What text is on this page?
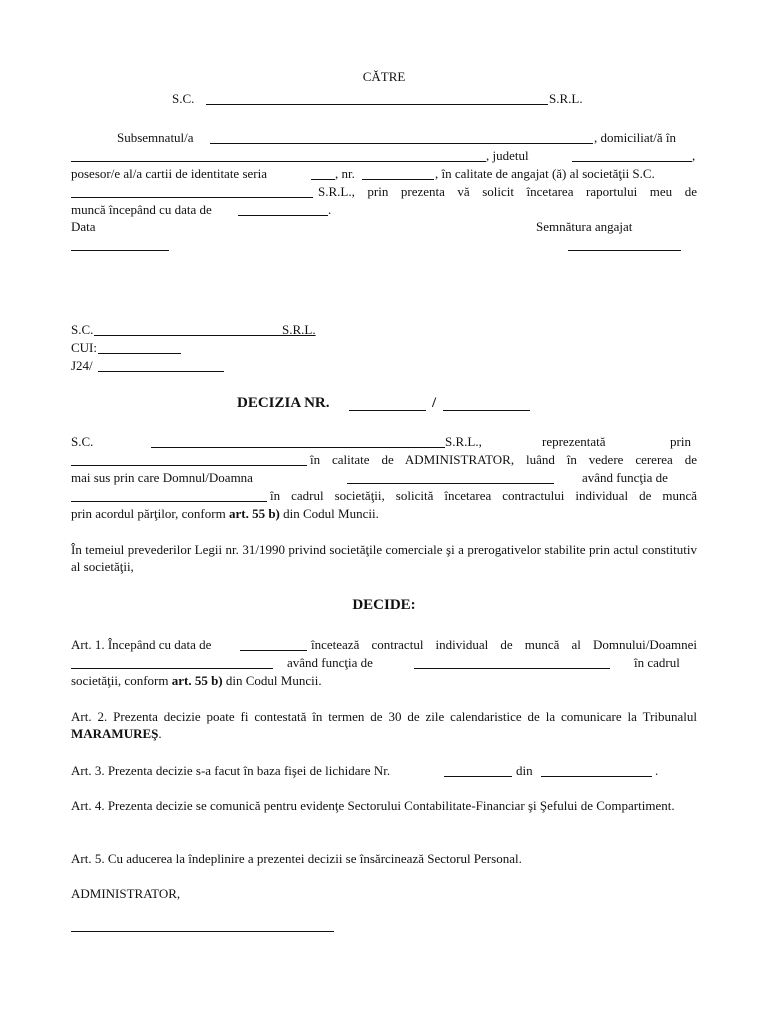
CĂTRE
S.C.	S.R.L.
Subsemnatul/a	, domiciliat/ă în
, judetul	,
posesor/e al/a cartii de identitate seria	, nr.	, în calitate de angajat (ă) al societăţii S.C.
S.R.L., prin prezenta vă solicit încetarea raportului meu de
muncă începând cu data de	.
Data	Semnătura angajat
S.C.	S.R.L.
CUI:
J24/
DECIZIA NR.	/
S.C.	S.R.L.,	reprezentată	prin
în calitate de ADMINISTRATOR, luând în vedere cererea de
mai sus prin care Domnul/Doamna	având funcţia de
în cadrul societăţii, solicită încetarea contractului individual de muncă
prin acordul părţilor, conform art. 55 b) din Codul Muncii.
În temeiul prevederilor Legii nr. 31/1990 privind societăţile comerciale şi a prerogativelor stabilite prin actul constitutiv al societăţii,
DECIDE:
Art. 1. Începând cu data de	încetează contractul individual de muncă al Domnului/Doamnei
având funcţia de	în cadrul
societăţii, conform art. 55 b) din Codul Muncii.
Art. 2. Prezenta decizie poate fi contestată în termen de 30 de zile calendaristice de la comunicare la Tribunalul MARAMUREŞ.
Art. 3. Prezenta decizie s-a facut în baza fişei de lichidare Nr.	din	.
Art. 4. Prezenta decizie se comunică pentru evidenţe Sectorului Contabilitate-Financiar şi Şefului de Compartiment.
Art. 5. Cu aducerea la îndeplinire a prezentei decizii se însărcinează Sectorul Personal.
ADMINISTRATOR,
